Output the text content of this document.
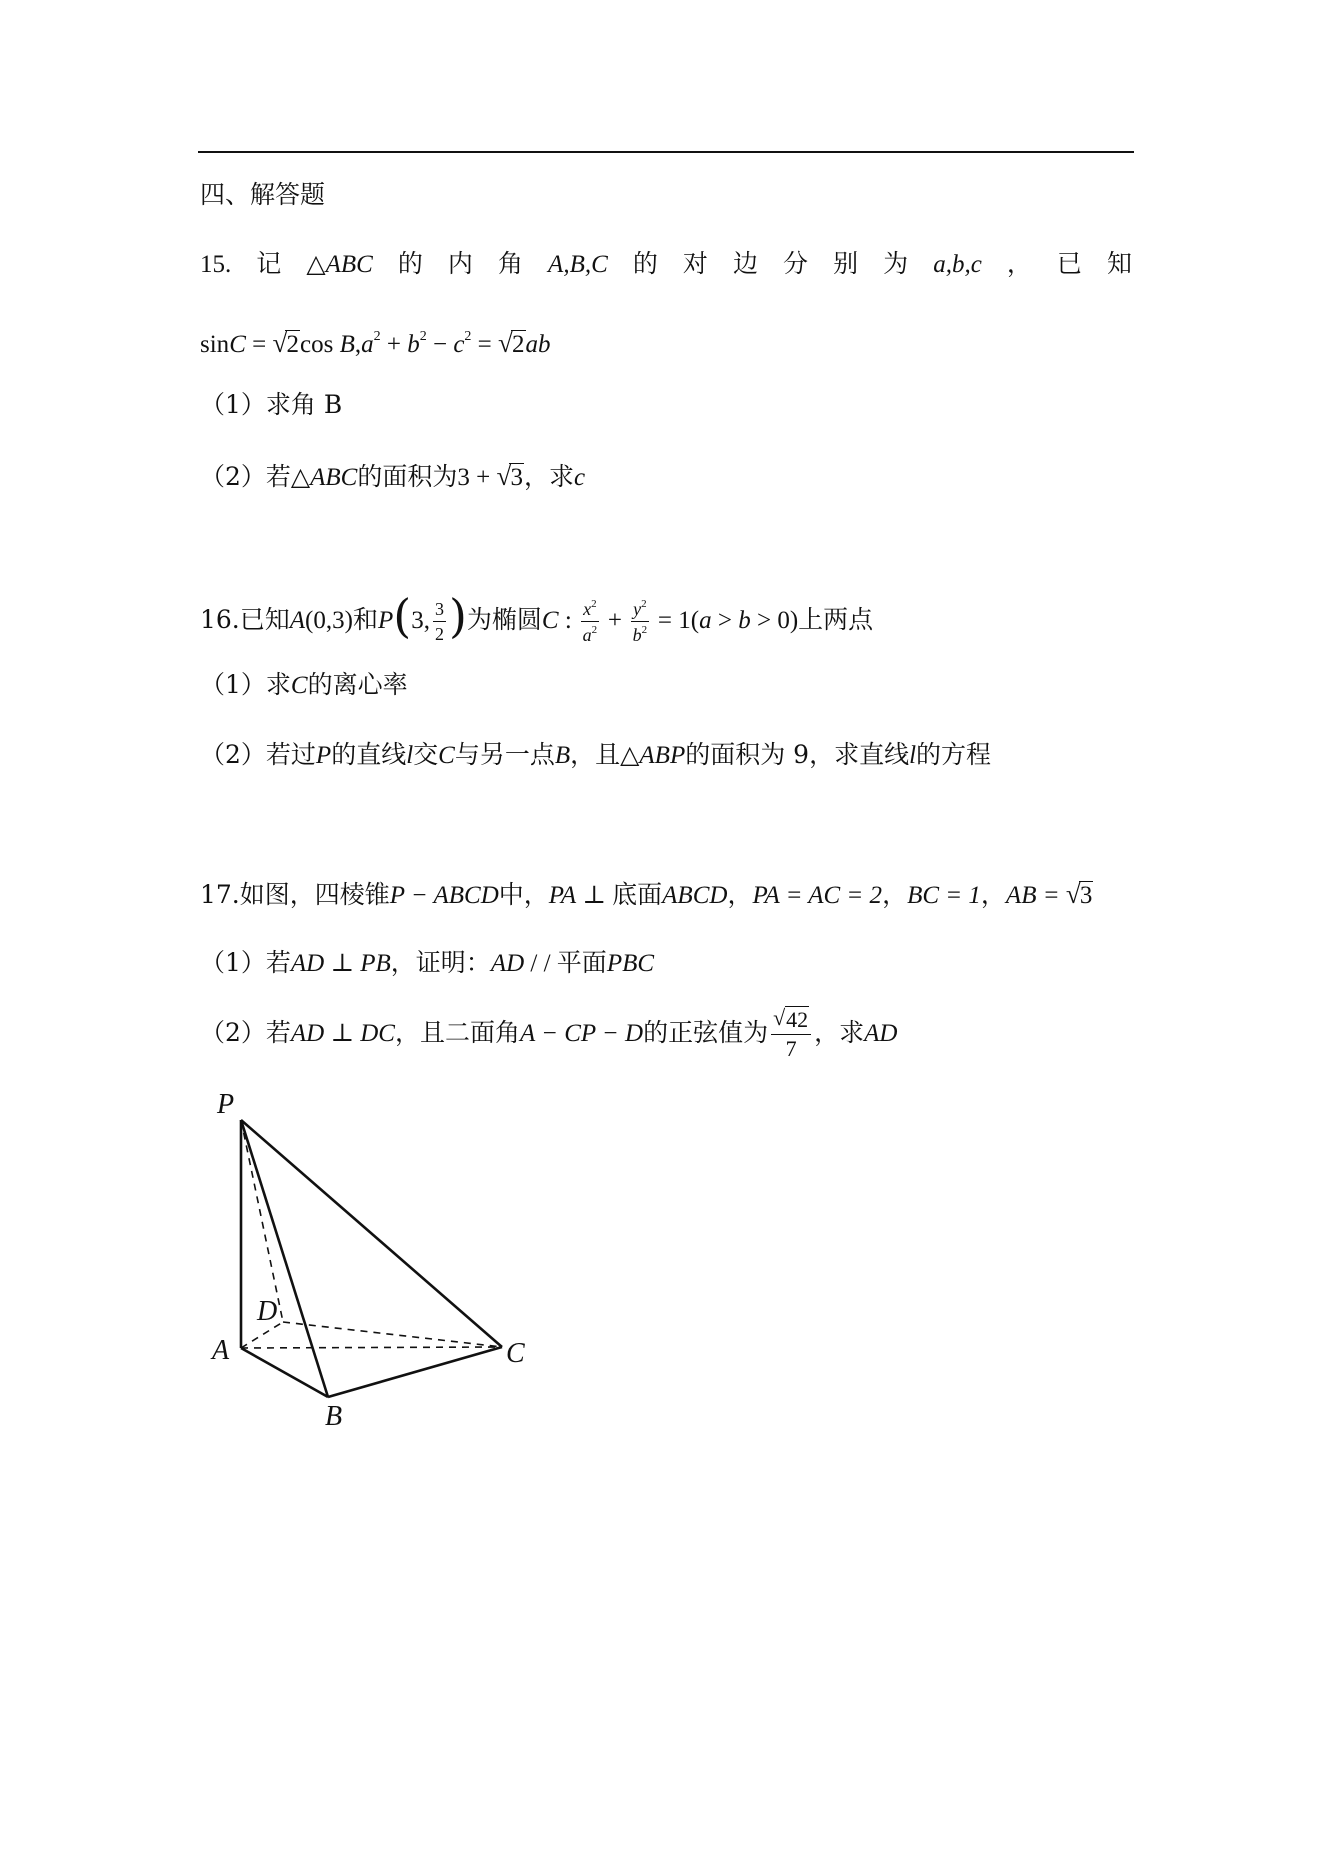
四、解答题
15. 记 △ABC 的 内 角 A,B,C 的 对 边 分 别 为 a,b,c ， 已 知
sinC = √ 2cos $B,a^2 + b^2 - c^2$ = √ 2ab
（1）求角 B
（2）若△ABC的面积为3 + √ 3，求c
16.已知A(0,3)和P(3, $\frac{3}{2}$ )为椭圆C : $\frac{x^2}{a^2} + \frac{y^2}{b^2} = 1(a > b > 0)$上两点
（1）求C的离心率
（2）若过P的直线l交C与另一点B，且△ABP的面积为 9，求直线l的方程
17.如图，四棱锥P − ABCD中，PA ⊥ 底面ABCD，PA = AC = 2，BC = 1，AB = √ 3
（1）若AD ⊥ PB，证明：AD / / 平面PBC
（2）若AD ⊥ DC，且二面角A − CP − D的正弦值为 $\frac{√ 42}{7}$ ，求AD
P
D
A	C
B
